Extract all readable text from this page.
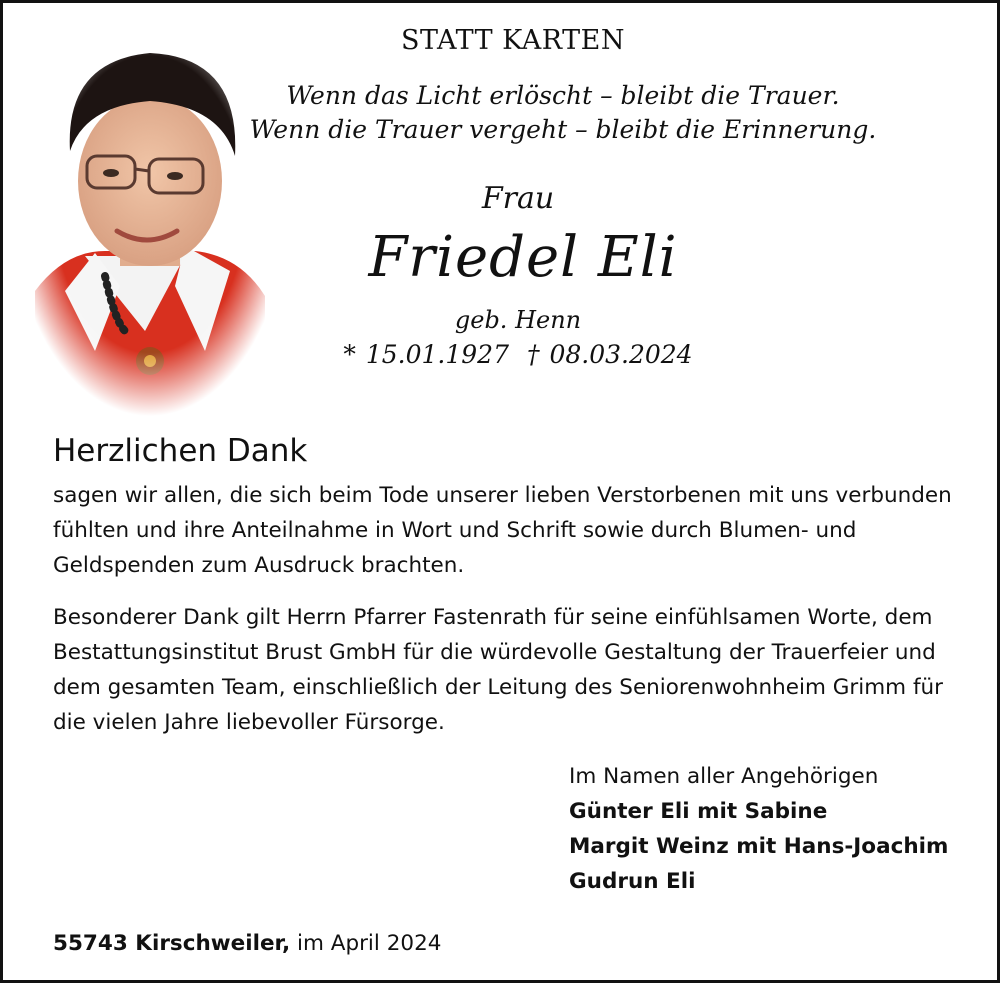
STATT KARTEN
Wenn das Licht erlöscht – bleibt die Trauer.
Wenn die Trauer vergeht – bleibt die Erinnerung.
Frau
Friedel Eli
geb. Henn
* 15.01.1927 † 08.03.2024
Herzlichen Dank
sagen wir allen, die sich beim Tode unserer lieben Verstorbenen mit uns verbunden fühlten und ihre Anteilnahme in Wort und Schrift sowie durch Blumen- und Geldspenden zum Ausdruck brachten.
Besonderer Dank gilt Herrn Pfarrer Fastenrath für seine einfühlsamen Worte, dem Bestattungsinstitut Brust GmbH für die würdevolle Gestaltung der Trauerfeier und dem gesamten Team, einschließlich der Leitung des Seniorenwohnheim Grimm für die vielen Jahre liebevoller Fürsorge.
Im Namen aller Angehörigen
Günter Eli mit Sabine
Margit Weinz mit Hans-Joachim
Gudrun Eli
55743 Kirschweiler, im April 2024
